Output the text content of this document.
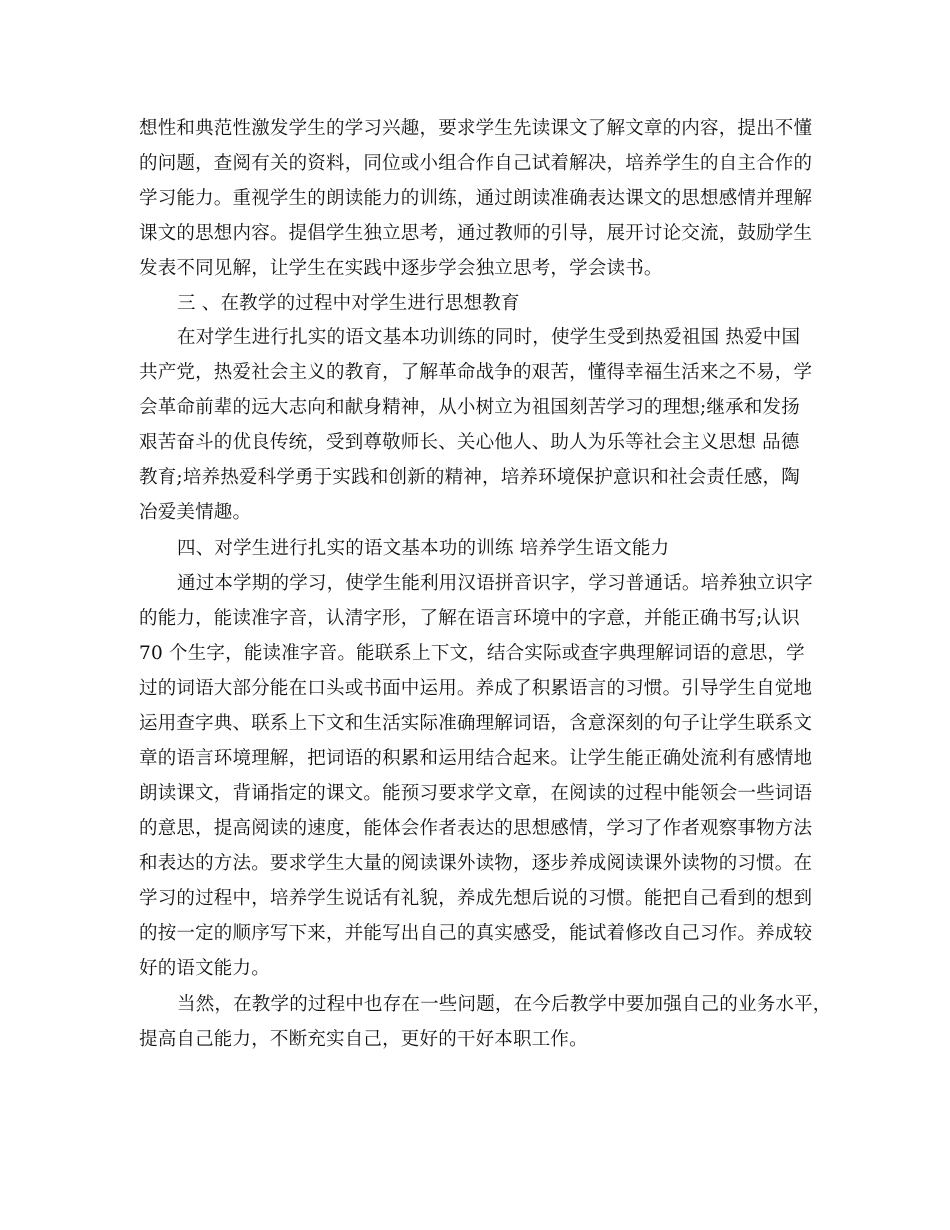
想性和典范性激发学生的学习兴趣，要求学生先读课文了解文章的内容，提出不懂
的问题，查阅有关的资料，同位或小组合作自己试着解决，培养学生的自主合作的
学习能力。重视学生的朗读能力的训练，通过朗读准确表达课文的思想感情并理解
课文的思想内容。提倡学生独立思考，通过教师的引导，展开讨论交流，鼓励学生
发表不同见解，让学生在实践中逐步学会独立思考，学会读书。
三 、在教学的过程中对学生进行思想教育
在对学生进行扎实的语文基本功训练的同时，使学生受到热爱祖国 热爱中国
共产党，热爱社会主义的教育，了解革命战争的艰苦，懂得幸福生活来之不易，学
会革命前辈的远大志向和献身精神，从小树立为祖国刻苦学习的理想;继承和发扬
艰苦奋斗的优良传统，受到尊敬师长、关心他人、助人为乐等社会主义思想 品德
教育;培养热爱科学勇于实践和创新的精神，培养环境保护意识和社会责任感，陶
冶爱美情趣。
四、对学生进行扎实的语文基本功的训练 培养学生语文能力
通过本学期的学习，使学生能利用汉语拼音识字，学习普通话。培养独立识字
的能力，能读准字音，认清字形，了解在语言环境中的字意，并能正确书写;认识
70 个生字，能读准字音。能联系上下文，结合实际或查字典理解词语的意思，学
过的词语大部分能在口头或书面中运用。养成了积累语言的习惯。引导学生自觉地
运用查字典、联系上下文和生活实际准确理解词语，含意深刻的句子让学生联系文
章的语言环境理解，把词语的积累和运用结合起来。让学生能正确处流利有感情地
朗读课文，背诵指定的课文。能预习要求学文章，在阅读的过程中能领会一些词语
的意思，提高阅读的速度，能体会作者表达的思想感情，学习了作者观察事物方法
和表达的方法。要求学生大量的阅读课外读物，逐步养成阅读课外读物的习惯。在
学习的过程中，培养学生说话有礼貌，养成先想后说的习惯。能把自己看到的想到
的按一定的顺序写下来，并能写出自己的真实感受，能试着修改自己习作。养成较
好的语文能力。
当然，在教学的过程中也存在一些问题，在今后教学中要加强自己的业务水平，
提高自己能力，不断充实自己，更好的干好本职工作。
